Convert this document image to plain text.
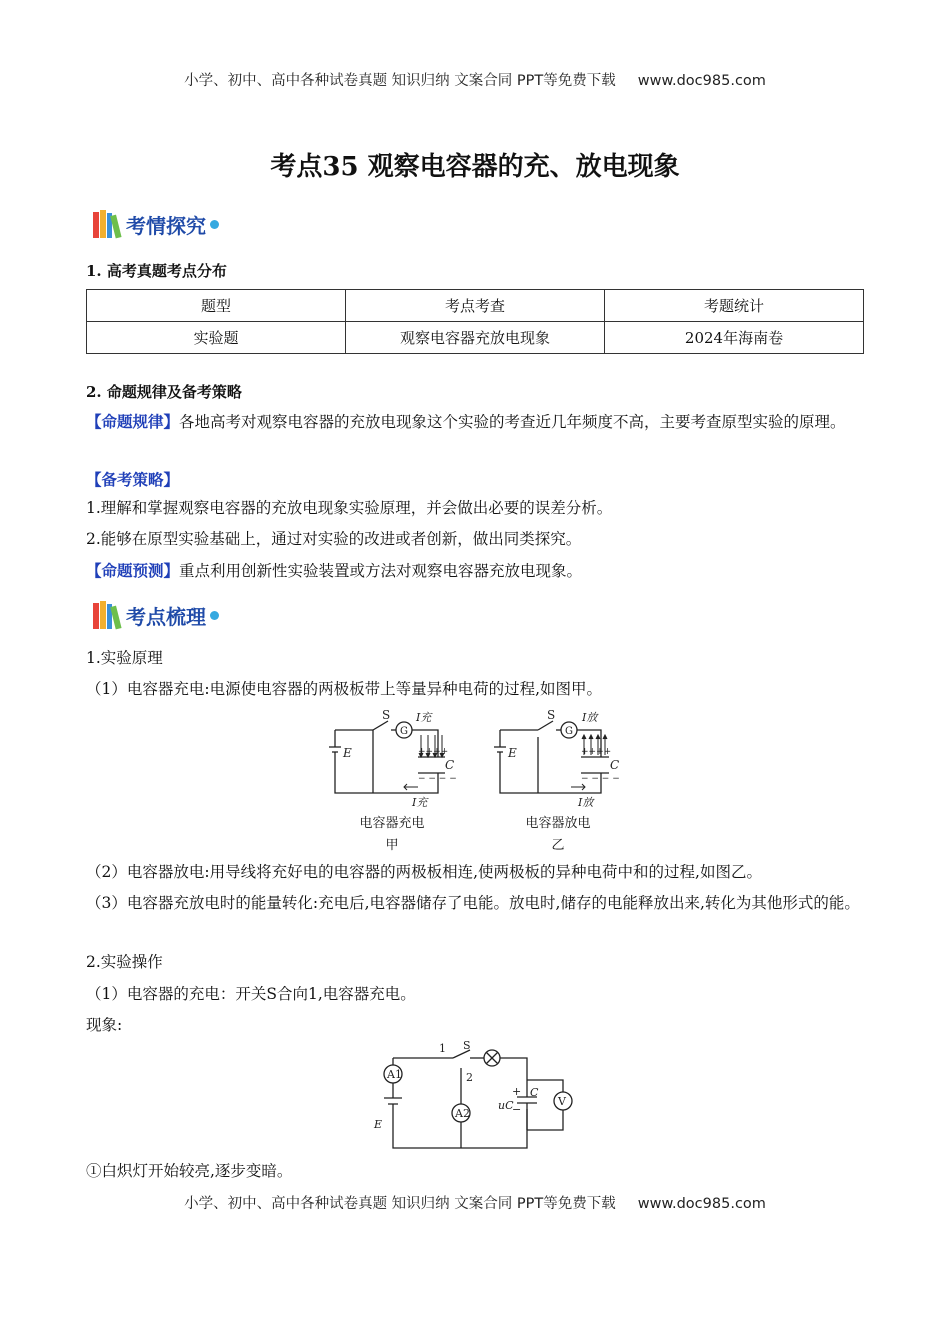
小学、初中、高中各种试卷真题 知识归纳 文案合同 PPT等免费下载 www.doc985.com
考点35 观察电容器的充、放电现象
考情探究
1. 高考真题考点分布
题型	考点考查	考题统计
实验题	观察电容器充放电现象	2024年海南卷
2. 命题规律及备考策略
【命题规律】各地高考对观察电容器的充放电现象这个实验的考查近几年频度不高，主要考查原型实验的原理。
【备考策略】
1.理解和掌握观察电容器的充放电现象实验原理，并会做出必要的误差分析。
2.能够在原型实验基础上，通过对实验的改进或者创新，做出同类探究。
【命题预测】重点利用创新性实验装置或方法对观察电容器充放电现象。
考点梳理
1.实验原理
（1）电容器充电:电源使电容器的两极板带上等量异种电荷的过程,如图甲。
++++
− − − −
++++
− − − −
G	G
S	S
E	E
C	C
I充	I放
I充	I放
电容器充电
甲
电容器放电
乙
（2）电容器放电:用导线将充好电的电容器的两极板相连,使两极板的异种电荷中和的过程,如图乙。
（3）电容器充放电时的能量转化:充电后,电容器储存了电能。放电时,储存的电能释放出来,转化为其他形式的能。
2.实验操作
（1）电容器的充电：开关S合向1,电容器充电。
现象:
A1
A2
V
1
2
S
E
C
uC
+
−
①白炽灯开始较亮,逐步变暗。
小学、初中、高中各种试卷真题 知识归纳 文案合同 PPT等免费下载 www.doc985.com
